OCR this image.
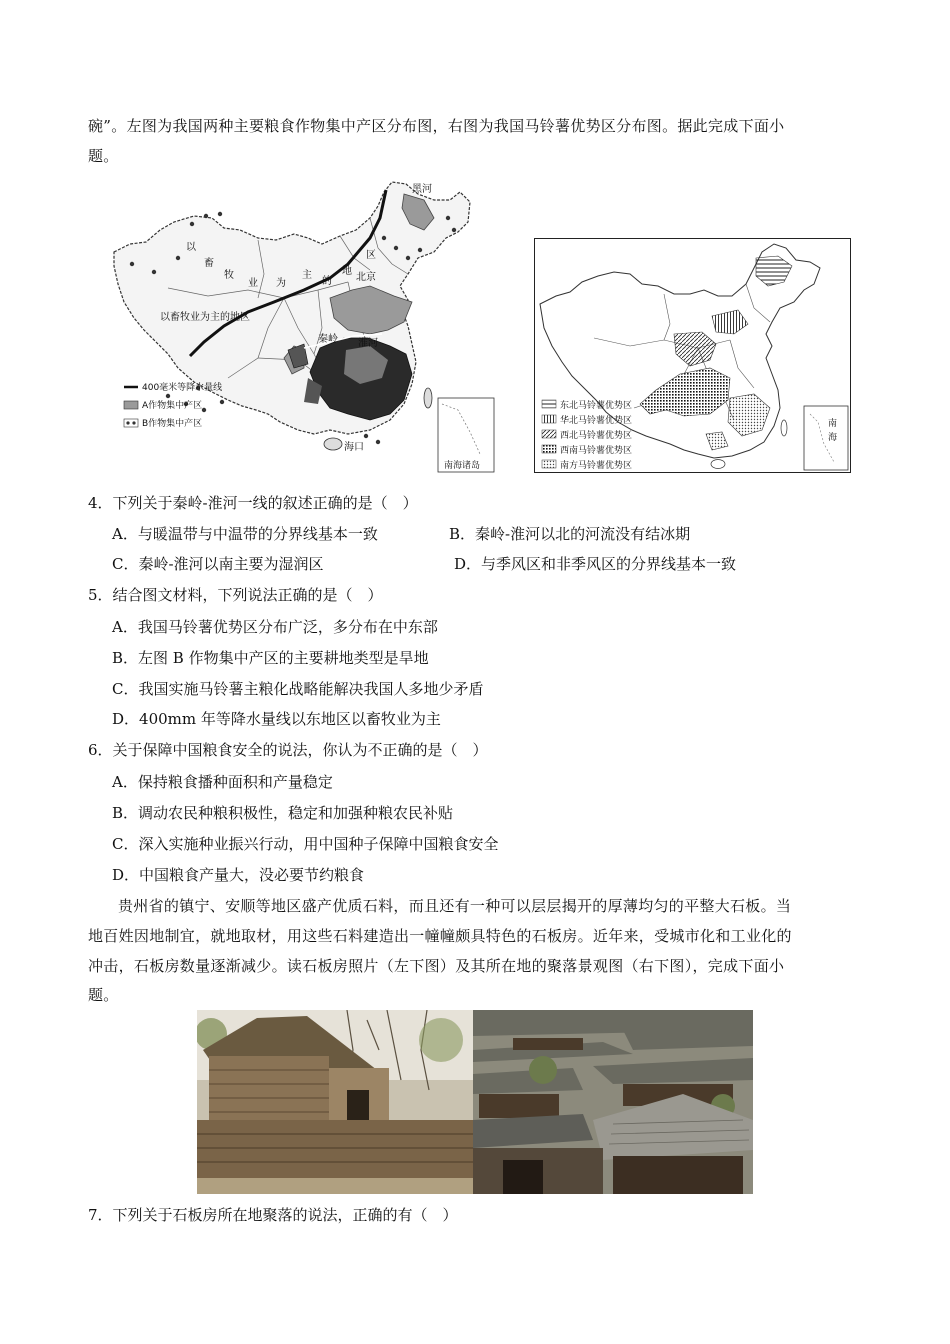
碗”。左图为我国两种主要粮食作物集中产区分布图，右图为我国马铃薯优势区分布图。据此完成下面小
题。
黑河
北京
秦岭 淮河
海口
以畜牧业为主的地区
以
畜
牧
业 为
主
的
地
区
南海诸岛
400毫米等降水量线
A作物集中产区
B作物集中产区
东北马铃薯优势区
华北马铃薯优势区
西北马铃薯优势区
西南马铃薯优势区
南方马铃薯优势区
南
海
4．下列关于秦岭-淮河一线的叙述正确的是（　）
A．与暖温带与中温带的分界线基本一致	B．秦岭-淮河以北的河流没有结冰期
C．秦岭-淮河以南主要为湿润区	D．与季风区和非季风区的分界线基本一致
5．结合图文材料，下列说法正确的是（　）
A．我国马铃薯优势区分布广泛，多分布在中东部
B．左图 B 作物集中产区的主要耕地类型是旱地
C．我国实施马铃薯主粮化战略能解决我国人多地少矛盾
D．400mm 年等降水量线以东地区以畜牧业为主
6．关于保障中国粮食安全的说法，你认为不正确的是（　）
A．保持粮食播种面积和产量稳定
B．调动农民种粮积极性，稳定和加强种粮农民补贴
C．深入实施种业振兴行动，用中国种子保障中国粮食安全
D．中国粮食产量大，没必要节约粮食
贵州省的镇宁、安顺等地区盛产优质石料，而且还有一种可以层层揭开的厚薄均匀的平整大石板。当
地百姓因地制宜，就地取材，用这些石料建造出一幢幢颇具特色的石板房。近年来，受城市化和工业化的
冲击，石板房数量逐渐减少。读石板房照片（左下图）及其所在地的聚落景观图（右下图），完成下面小
题。
7．下列关于石板房所在地聚落的说法，正确的有（　）
